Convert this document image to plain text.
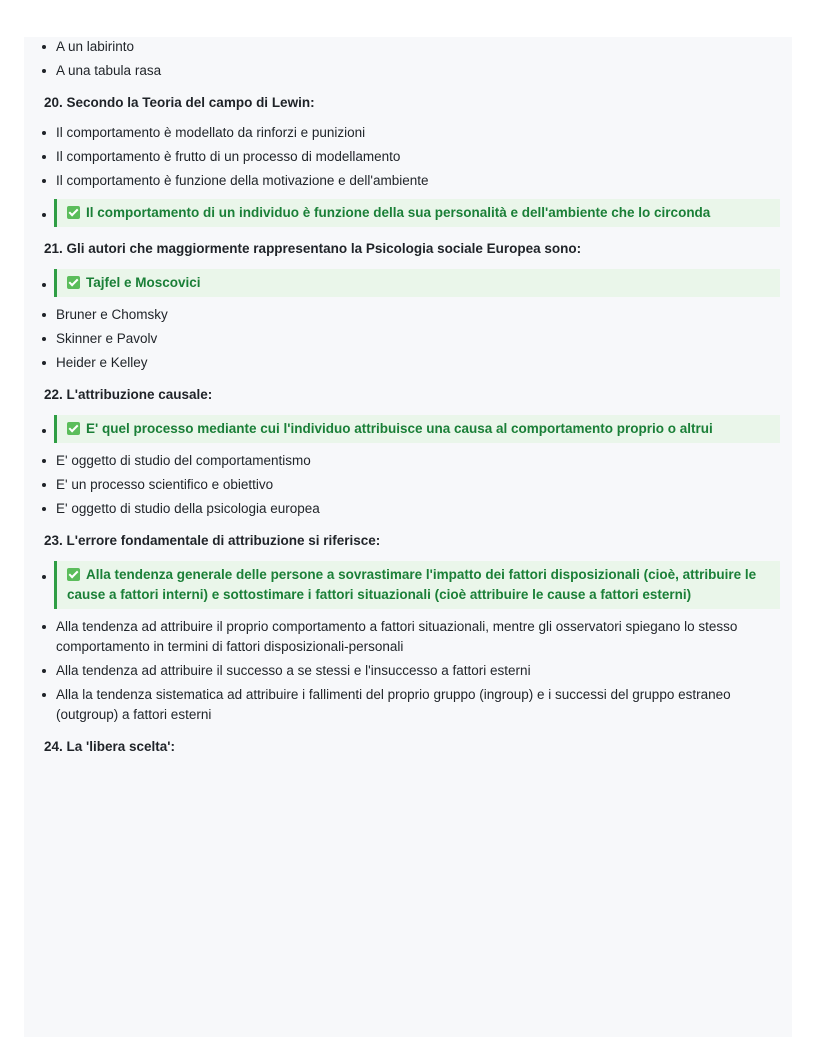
A un labirinto
A una tabula rasa
20. Secondo la Teoria del campo di Lewin:
Il comportamento è modellato da rinforzi e punizioni
Il comportamento è frutto di un processo di modellamento
Il comportamento è funzione della motivazione e dell'ambiente
Il comportamento di un individuo è funzione della sua personalità e dell'ambiente che lo circonda
21. Gli autori che maggiormente rappresentano la Psicologia sociale Europea sono:
Tajfel e Moscovici
Bruner e Chomsky
Skinner e Pavolv
Heider e Kelley
22. L'attribuzione causale:
E' quel processo mediante cui l'individuo attribuisce una causa al comportamento proprio o altrui
E' oggetto di studio del comportamentismo
E' un processo scientifico e obiettivo
E' oggetto di studio della psicologia europea
23. L'errore fondamentale di attribuzione si riferisce:
Alla tendenza generale delle persone a sovrastimare l'impatto dei fattori disposizionali (cioè, attribuire le cause a fattori interni) e sottostimare i fattori situazionali (cioè attribuire le cause a fattori esterni)
Alla tendenza ad attribuire il proprio comportamento a fattori situazionali, mentre gli osservatori spiegano lo stesso comportamento in termini di fattori disposizionali-personali
Alla tendenza ad attribuire il successo a se stessi e l'insuccesso a fattori esterni
Alla la tendenza sistematica ad attribuire i fallimenti del proprio gruppo (ingroup) e i successi del gruppo estraneo (outgroup) a fattori esterni
24. La 'libera scelta':
